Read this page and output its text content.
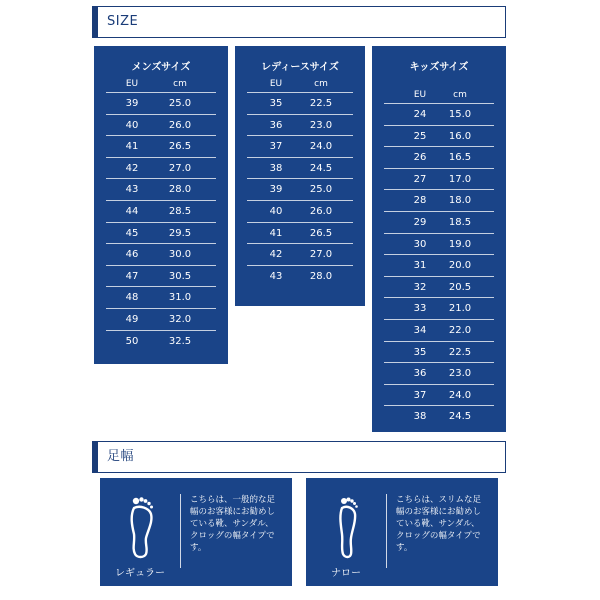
SIZE
メンズサイズ
EU	cm
39	25.0
40	26.0
41	26.5
42	27.0
43	28.0
44	28.5
45	29.5
46	30.0
47	30.5
48	31.0
49	32.0
50	32.5
レディースサイズ
EU	cm
35	22.5
36	23.0
37	24.0
38	24.5
39	25.0
40	26.0
41	26.5
42	27.0
43	28.0
キッズサイズ
EU	cm
24	15.0
25	16.0
26	16.5
27	17.0
28	18.0
29	18.5
30	19.0
31	20.0
32	20.5
33	21.0
34	22.0
35	22.5
36	23.0
37	24.0
38	24.5
足幅
レギュラー
こちらは、一般的な足
幅のお客様にお勧めし
ている靴、サンダル、
クロッグの幅タイプです。
ナロー
こちらは、スリムな足
幅のお客様にお勧めし
ている靴、サンダル、
クロッグの幅タイプです。
